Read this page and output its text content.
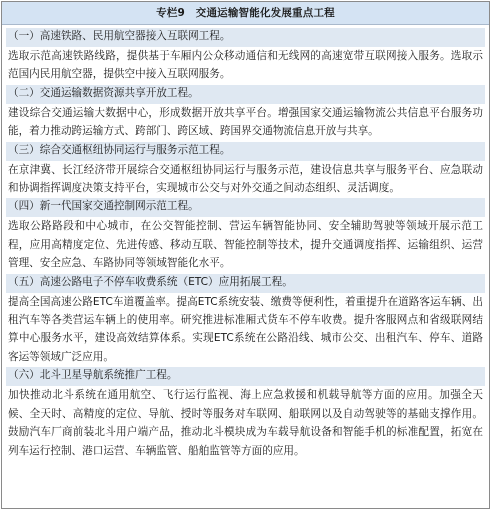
专栏9　交通运输智能化发展重点工程
（一）高速铁路、民用航空器接入互联网工程。

选取示范高速铁路线路，提供基于车厢内公众移动通信和无线网的高速宽带互联网接入服务。选取示范国内民用航空器，提供空中接入互联网服务。

（二）交通运输数据资源共享开放工程。

建设综合交通运输大数据中心，形成数据开放共享平台。增强国家交通运输物流公共信息平台服务功能，着力推动跨运输方式、跨部门、跨区域、跨国界交通物流信息开放与共享。

（三）综合交通枢纽协同运行与服务示范工程。

在京津冀、长江经济带开展综合交通枢纽协同运行与服务示范，建设信息共享与服务平台、应急联动和协调指挥调度决策支持平台，实现城市公交与对外交通之间动态组织、灵活调度。

（四）新一代国家交通控制网示范工程。

选取公路路段和中心城市，在公交智能控制、营运车辆智能协同、安全辅助驾驶等领域开展示范工程，应用高精度定位、先进传感、移动互联、智能控制等技术，提升交通调度指挥、运输组织、运营管理、安全应急、车路协同等领域智能化水平。

（五）高速公路电子不停车收费系统（ETC）应用拓展工程。

提高全国高速公路ETC车道覆盖率。提高ETC系统安装、缴费等便利性，着重提升在道路客运车辆、出租汽车等各类营运车辆上的使用率。研究推进标准厢式货车不停车收费。提升客服网点和省级联网结算中心服务水平，建设高效结算体系。实现ETC系统在公路沿线、城市公交、出租汽车、停车、道路客运等领域广泛应用。

（六）北斗卫星导航系统推广工程。

加快推动北斗系统在通用航空、飞行运行监视、海上应急救援和机载导航等方面的应用。加强全天候、全天时、高精度的定位、导航、授时等服务对车联网、船联网以及自动驾驶等的基础支撑作用。鼓励汽车厂商前装北斗用户端产品，推动北斗模块成为车载导航设备和智能手机的标准配置，拓宽在列车运行控制、港口运营、车辆监管、船舶监管等方面的应用。
